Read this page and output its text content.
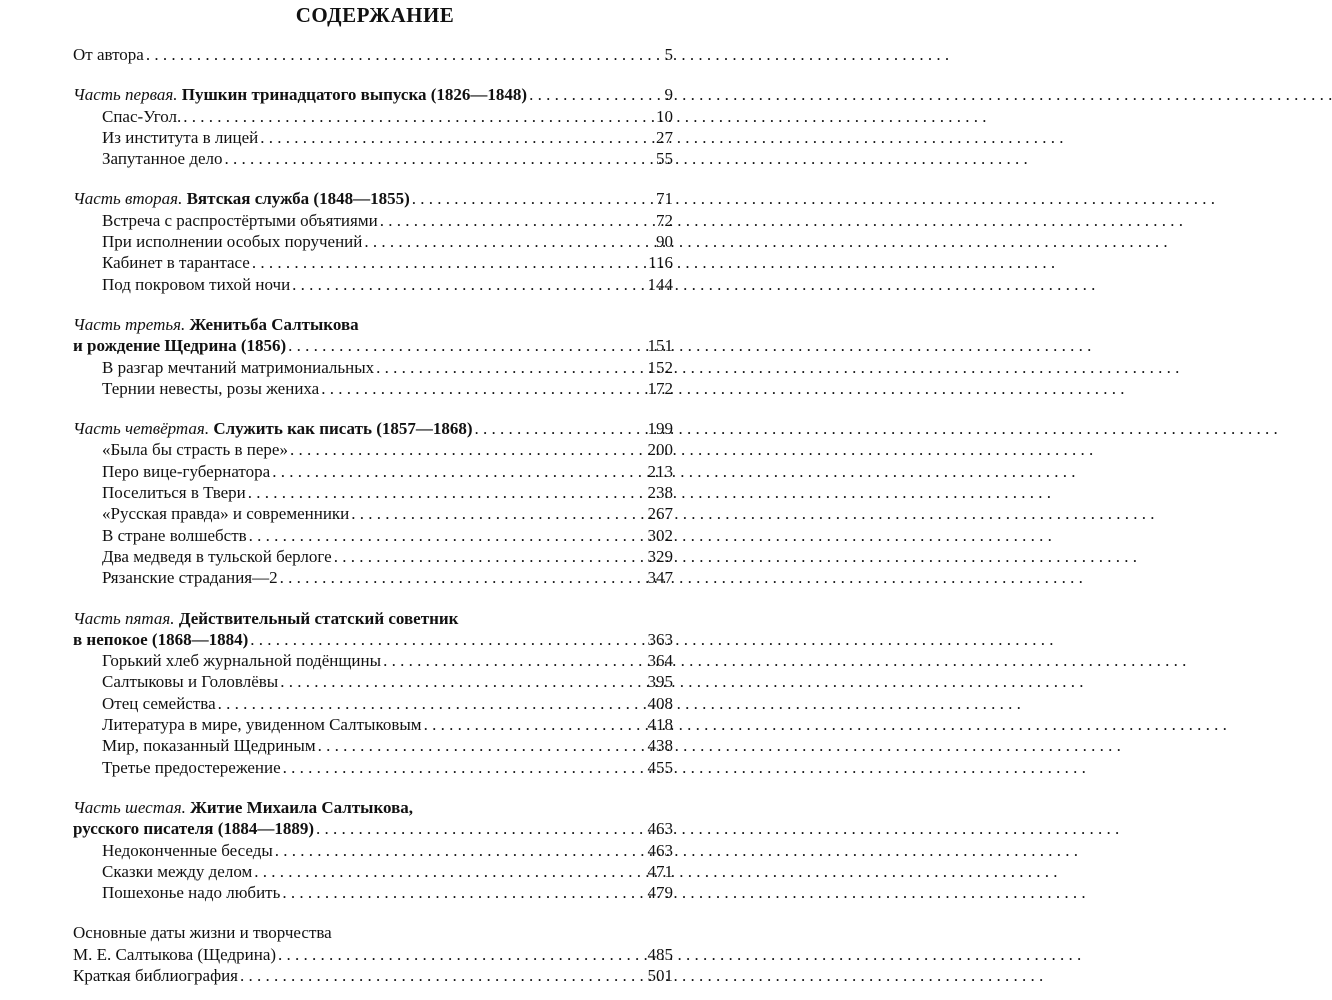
СОДЕРЖАНИЕ
От автора . . .	5
Часть первая. Пушкин тринадцатого выпуска (1826—1848) . . .	9
Спас-Угол. . . .	10
Из института в лицей . . .	27
Запутанное дело . . .	55
Часть вторая. Вятская служба (1848—1855) . . .	71
Встреча с распростёртыми объятиями . . .	72
При исполнении особых поручений . . .	90
Кабинет в тарантасе . . .	116
Под покровом тихой ночи . . .	144
Часть третья. Женитьба Салтыкова
и рождение Щедрина (1856) . . .	151
В разгар мечтаний матримониальных . . .	152
Тернии невесты, розы жениха . . .	172
Часть четвёртая. Служить как писать (1857—1868) . . .	199
«Была бы страсть в пере» . . .	200
Перо вице-губернатора . . .	213
Поселиться в Твери . . .	238
«Русская правда» и современники . . .	267
В стране волшебств . . .	302
Два медведя в тульской берлоге . . .	329
Рязанские страдания—2 . . .	347
Часть пятая. Действительный статский советник
в непокое (1868—1884) . . .	363
Горький хлеб журнальной подёнщины . . .	364
Салтыковы и Головлёвы . . .	395
Отец семейства . . .	408
Литература в мире, увиденном Салтыковым . . .	418
Мир, показанный Щедриным . . .	438
Третье предостережение . . .	455
Часть шестая. Житие Михаила Салтыкова,
русского писателя (1884—1889) . . .	463
Недоконченные беседы . . .	463
Сказки между делом . . .	471
Пошехонье надо любить . . .	479
Основные даты жизни и творчества
М. Е. Салтыкова (Щедрина) . . .	485
Краткая библиография . . .	501
